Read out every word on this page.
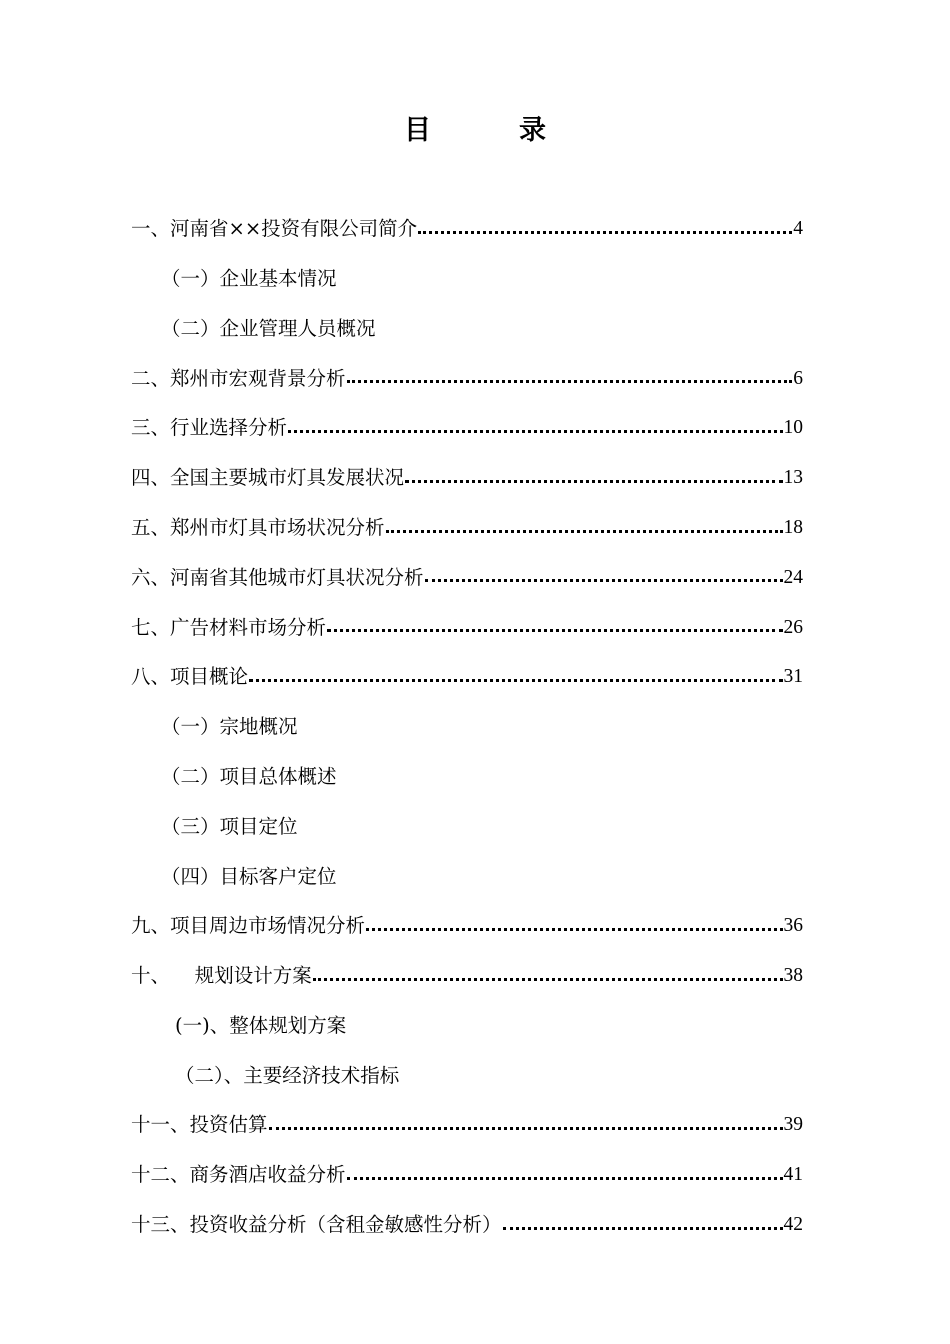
目	录
一、河南省××投资有限公司简介	4
（一）企业基本情况
（二）企业管理人员概况
二、郑州市宏观背景分析	6
三、行业选择分析	10
四、全国主要城市灯具发展状况	13
五、郑州市灯具市场状况分析	18
六、河南省其他城市灯具状况分析	24
七、广告材料市场分析	26
八、项目概论	31
（一）宗地概况
（二）项目总体概述
（三）项目定位
（四）目标客户定位
九、项目周边市场情况分析	36
十、    规划设计方案	38
(一)、整体规划方案
（二）、主要经济技术指标
十一、投资估算	39
十二、商务酒店收益分析	41
十三、投资收益分析（含租金敏感性分析）	42
